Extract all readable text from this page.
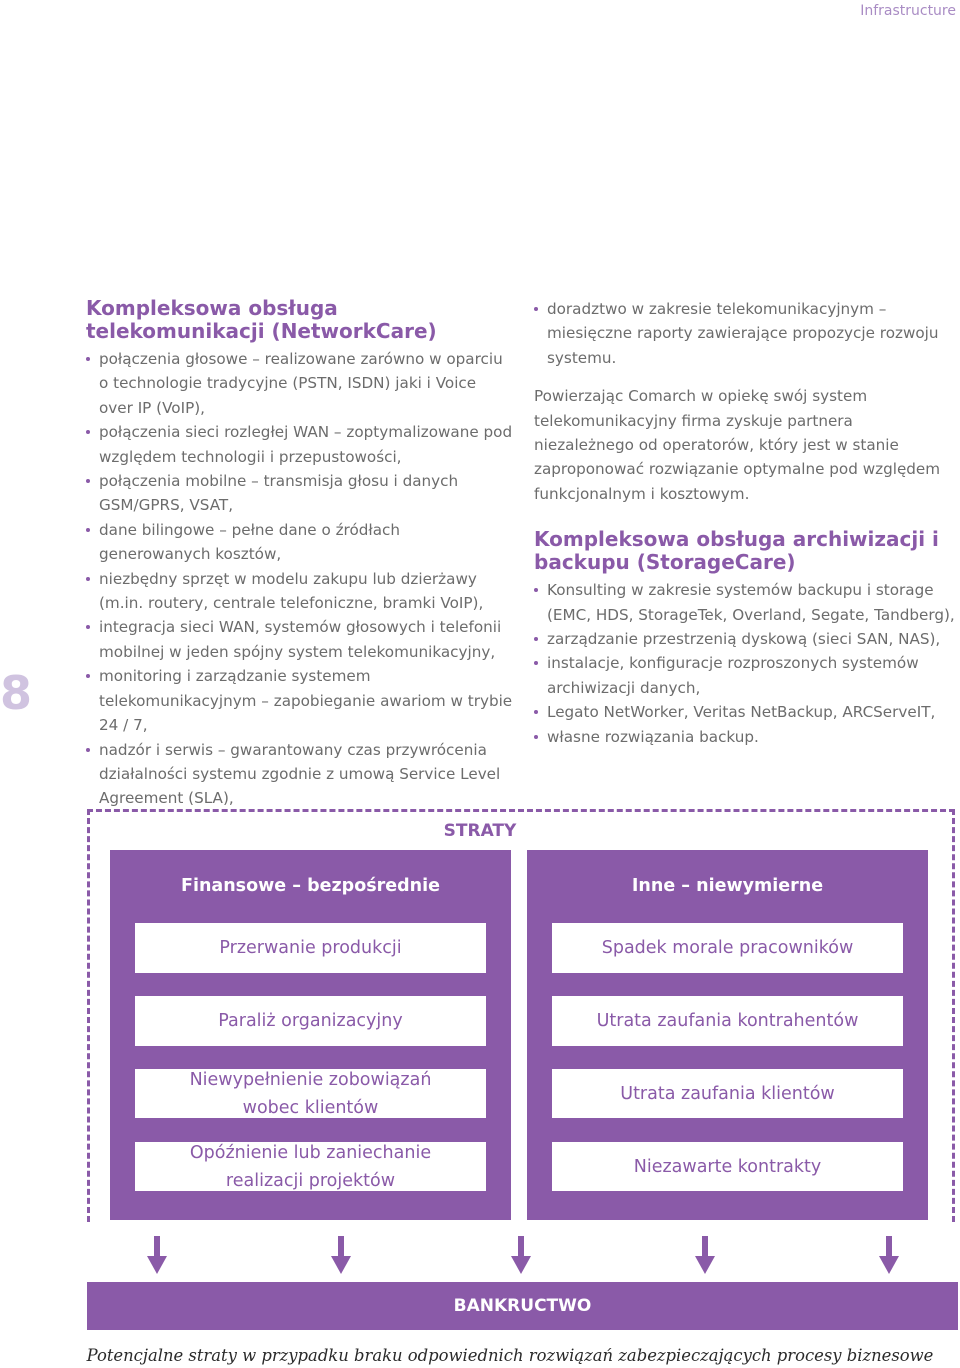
Infrastructure
8
Kompleksowa obsługa telekomunikacji (NetworkCare)
połączenia głosowe – realizowane zarówno w oparciu o technologie tradycyjne (PSTN, ISDN) jaki i Voice over IP (VoIP),
połączenia sieci rozległej WAN – zoptymalizowane pod względem technologii i przepustowości,
połączenia mobilne – transmisja głosu i danych GSM/GPRS, VSAT,
dane bilingowe – pełne dane o źródłach generowanych kosztów,
niezbędny sprzęt w modelu zakupu lub dzierżawy (m.in. routery, centrale telefoniczne, bramki VoIP),
integracja sieci WAN, systemów głosowych i telefonii mobilnej w jeden spójny system telekomunikacyjny,
monitoring i zarządzanie systemem telekomunikacyjnym – zapobieganie awariom w trybie 24 / 7,
nadzór i serwis – gwarantowany czas przywrócenia działalności systemu zgodnie z umową Service Level Agreement (SLA),
doradztwo w zakresie telekomunikacyjnym – miesięczne raporty zawierające propozycje rozwoju systemu.

Powierzając Comarch w opiekę swój system telekomunikacyjny firma zyskuje partnera niezależnego od operatorów, który jest w stanie zaproponować rozwiązanie optymalne pod względem funkcjonalnym i kosztowym.

Kompleksowa obsługa archiwizacji i backupu (StorageCare)
Konsulting w zakresie systemów backupu i storage (EMC, HDS, StorageTek, Overland, Segate, Tandberg),
zarządzanie przestrzenią dyskową (sieci SAN, NAS),
instalacje, konfiguracje rozproszonych systemów archiwizacji danych,
Legato NetWorker, Veritas NetBackup, ARCServeIT,
własne rozwiązania backup.
STRATY
Finansowe – bezpośrednie
Przerwanie produkcji
Paraliż organizacyjny
Niewypełnienie zobowiązań
wobec klientów
Opóźnienie lub zaniechanie
realizacji projektów
Inne – niewymierne
Spadek morale pracowników
Utrata zaufania kontrahentów
Utrata zaufania klientów
Niezawarte kontrakty
BANKRUCTWO
Potencjalne straty w przypadku braku odpowiednich rozwiązań zabezpieczających procesy biznesowe
